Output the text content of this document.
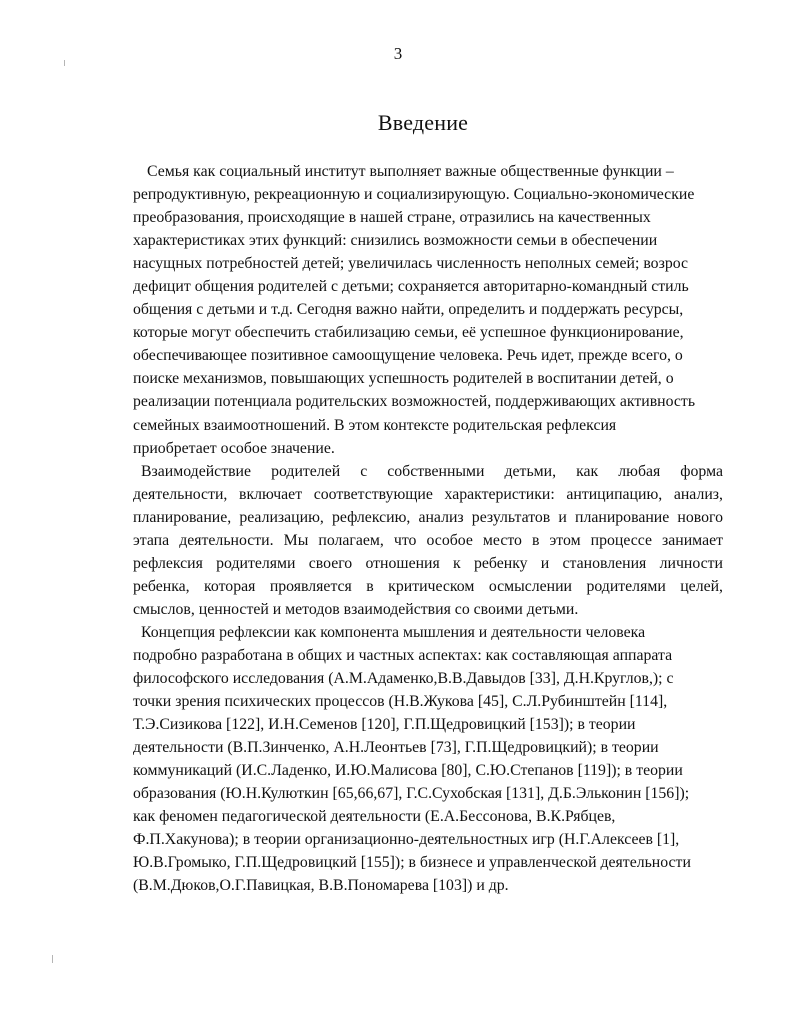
3
Введение
Семья как социальный институт выполняет важные общественные функции –
репродуктивную, рекреационную и социализирующую. Социально-экономические
преобразования, происходящие в нашей стране, отразились на качественных
характеристиках этих функций: снизились возможности семьи в обеспечении
насущных потребностей детей; увеличилась численность неполных семей; возрос
дефицит общения родителей с детьми; сохраняется авторитарно-командный стиль
общения с детьми и т.д. Сегодня важно найти, определить и поддержать ресурсы,
которые могут обеспечить стабилизацию семьи, её успешное функционирование,
обеспечивающее позитивное самоощущение человека. Речь идет, прежде всего, о
поиске механизмов, повышающих успешность родителей в воспитании детей, о
реализации потенциала родительских возможностей, поддерживающих активность
семейных взаимоотношений. В этом контексте родительская рефлексия
приобретает особое значение.
Взаимодействие родителей с собственными детьми, как любая форма
деятельности, включает соответствующие характеристики: антиципацию, анализ,
планирование, реализацию, рефлексию, анализ результатов и планирование нового
этапа деятельности. Мы полагаем, что особое место в этом процессе занимает
рефлексия родителями своего отношения к ребенку и становления личности
ребенка, которая проявляется в критическом осмыслении родителями целей,
смыслов, ценностей и методов взаимодействия со своими детьми.
Концепция рефлексии как компонента мышления и деятельности человека
подробно разработана в общих и частных аспектах: как составляющая аппарата
философского исследования (А.М.Адаменко,В.В.Давыдов [33], Д.Н.Круглов,); с
точки зрения психических процессов (Н.В.Жукова [45], С.Л.Рубинштейн [114],
Т.Э.Сизикова [122], И.Н.Семенов [120], Г.П.Щедровицкий [153]); в теории
деятельности (В.П.Зинченко, А.Н.Леонтьев [73], Г.П.Щедровицкий); в теории
коммуникаций (И.С.Ладенко, И.Ю.Малисова [80], С.Ю.Степанов [119]); в теории
образования (Ю.Н.Кулюткин [65,66,67], Г.С.Сухобская [131], Д.Б.Эльконин [156]);
как феномен педагогической деятельности (Е.А.Бессонова, В.К.Рябцев,
Ф.П.Хакунова); в теории организационно-деятельностных игр (Н.Г.Алексеев [1],
Ю.В.Громыко, Г.П.Щедровицкий [155]); в бизнесе и управленческой деятельности
(В.М.Дюков,О.Г.Павицкая, В.В.Пономарева [103]) и др.
